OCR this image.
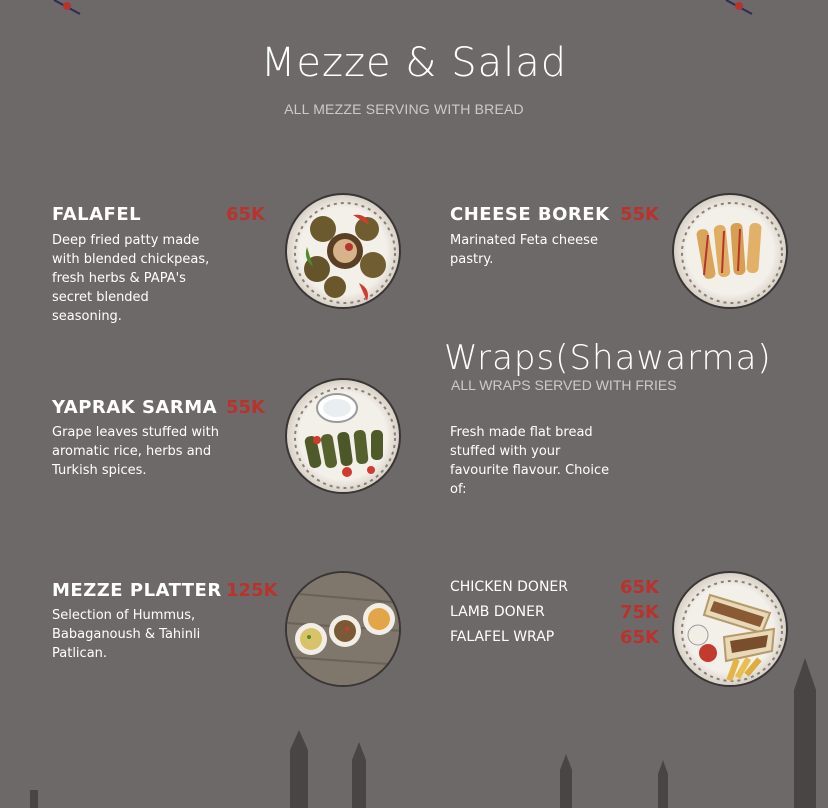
Mezze & Salad
ALL MEZZE SERVING WITH BREAD
FALAFEL	65K
Deep fried patty made
with blended chickpeas,
fresh herbs & PAPA's
secret blended
seasoning.
YAPRAK SARMA 55K
Grape leaves stuffed with
aromatic rice, herbs and
Turkish spices.
MEZZE PLATTER 125K
Selection of Hummus,
Babaganoush & Tahinli
Patlican.
CHEESE BOREK 55K
Marinated Feta cheese
pastry.
Wraps(Shawarma)
ALL WRAPS SERVED WITH FRIES
Fresh made flat bread
stuffed with your
favourite flavour. Choice
of:
CHICKEN DONER	65K
LAMB DONER	75K
FALAFEL WRAP	65K
